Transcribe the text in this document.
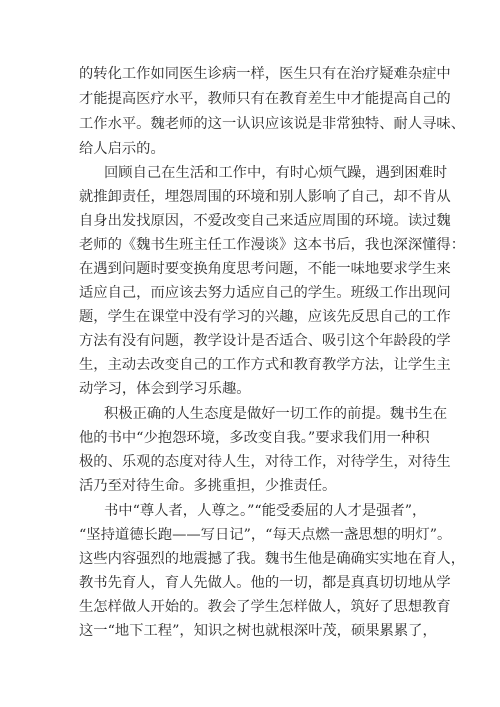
的转化工作如同医生诊病一样，医生只有在治疗疑难杂症中
才能提高医疗水平，教师只有在教育差生中才能提高自己的
工作水平。魏老师的这一认识应该说是非常独特、耐人寻味、
给人启示的。
回顾自己在生活和工作中，有时心烦气躁，遇到困难时
就推卸责任，埋怨周围的环境和别人影响了自己，却不肯从
自身出发找原因，不爱改变自己来适应周围的环境。读过魏
老师的《魏书生班主任工作漫谈》这本书后，我也深深懂得：
在遇到问题时要变换角度思考问题，不能一味地要求学生来
适应自己，而应该去努力适应自己的学生。班级工作出现问
题，学生在课堂中没有学习的兴趣，应该先反思自己的工作
方法有没有问题，教学设计是否适合、吸引这个年龄段的学
生，主动去改变自己的工作方式和教育教学方法，让学生主
动学习，体会到学习乐趣。
积极正确的人生态度是做好一切工作的前提。魏书生在
他的书中“少抱怨环境，多改变自我。”要求我们用一种积
极的、乐观的态度对待人生，对待工作，对待学生，对待生
活乃至对待生命。多挑重担，少推责任。
书中“尊人者，人尊之。”“能受委屈的人才是强者”，
“坚持道德长跑——写日记”，“每天点燃一盏思想的明灯”。
这些内容强烈的地震撼了我。魏书生他是确确实实地在育人，
教书先育人，育人先做人。他的一切，都是真真切切地从学
生怎样做人开始的。教会了学生怎样做人，筑好了思想教育
这一“地下工程”，知识之树也就根深叶茂，硕果累累了，
